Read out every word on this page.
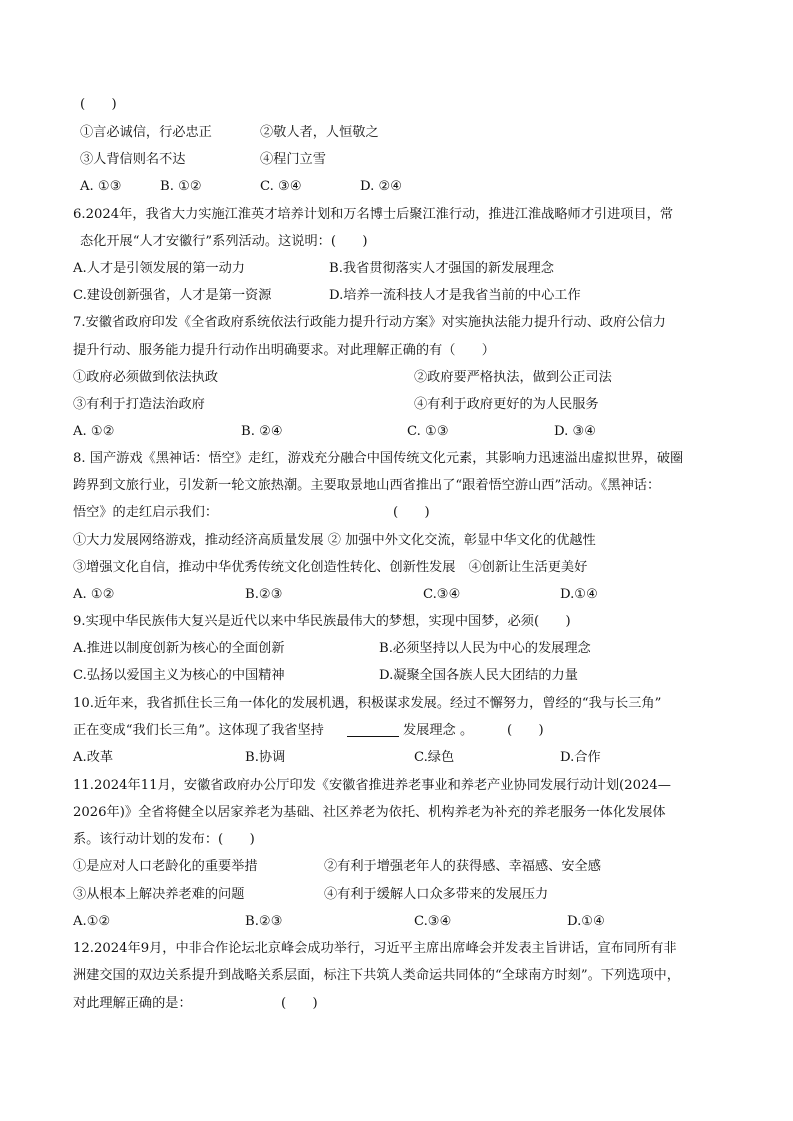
(　　)
①言必诚信，行必忠正	②敬人者，人恒敬之
③人背信则名不达	④程门立雪
A. ①③	B. ①②	C. ③④	D. ②④
6.2024年，我省大力实施江淮英才培养计划和万名博士后聚江淮行动，推进江淮战略师才引进项目，常
态化开展“人才安徽行”系列活动。这说明：(　　)
A.人才是引领发展的第一动力	B.我省贯彻落实人才强国的新发展理念
C.建设创新强省，人才是第一资源	D.培养一流科技人才是我省当前的中心工作
7.安徽省政府印发《全省政府系统依法行政能力提升行动方案》对实施执法能力提升行动、政府公信力
提升行动、服务能力提升行动作出明确要求。对此理解正确的有（　　）
①政府必须做到依法执政	②政府要严格执法，做到公正司法
③有利于打造法治政府	④有利于政府更好的为人民服务
A. ①②	B. ②④	C. ①③	D. ③④
8. 国产游戏《黑神话：悟空》走红，游戏充分融合中国传统文化元素，其影响力迅速溢出虚拟世界，破圈
跨界到文旅行业，引发新一轮文旅热潮。主要取景地山西省推出了“跟着悟空游山西”活动。《黑神话：
悟空》的走红启示我们：	(　　)
①大力发展网络游戏，推动经济高质量发展 ② 加强中外文化交流，彰显中华文化的优越性
③增强文化自信，推动中华优秀传统文化创造性转化、创新性发展　④创新让生活更美好
A. ①②	B.②③	C.③④	D.①④
9.实现中华民族伟大复兴是近代以来中华民族最伟大的梦想，实现中国梦，必须(　　)
A.推进以制度创新为核心的全面创新	B.必须坚持以人民为中心的发展理念
C.弘扬以爱国主义为核心的中国精神	D.凝聚全国各族人民大团结的力量
10.近年来，我省抓住长三角一体化的发展机遇，积极谋求发展。经过不懈努力，曾经的“我与长三角”
正在变成“我们长三角”。这体现了我省坚持	发展理念 。	(　　)
A.改革	B.协调	C.绿色	D.合作
11.2024年11月，安徽省政府办公厅印发《安徽省推进养老事业和养老产业协同发展行动计划(2024—
2026年)》全省将健全以居家养老为基础、社区养老为依托、机构养老为补充的养老服务一体化发展体
系。该行动计划的发布：(　　)
①是应对人口老龄化的重要举措	②有利于增强老年人的获得感、幸福感、安全感
③从根本上解决养老难的问题	④有利于缓解人口众多带来的发展压力
A.①②	B.②③	C.③④	D.①④
12.2024年9月，中非合作论坛北京峰会成功举行，习近平主席出席峰会并发表主旨讲话，宣布同所有非
洲建交国的双边关系提升到战略关系层面，标注下共筑人类命运共同体的“全球南方时刻”。下列选项中，
对此理解正确的是：	(　　)
